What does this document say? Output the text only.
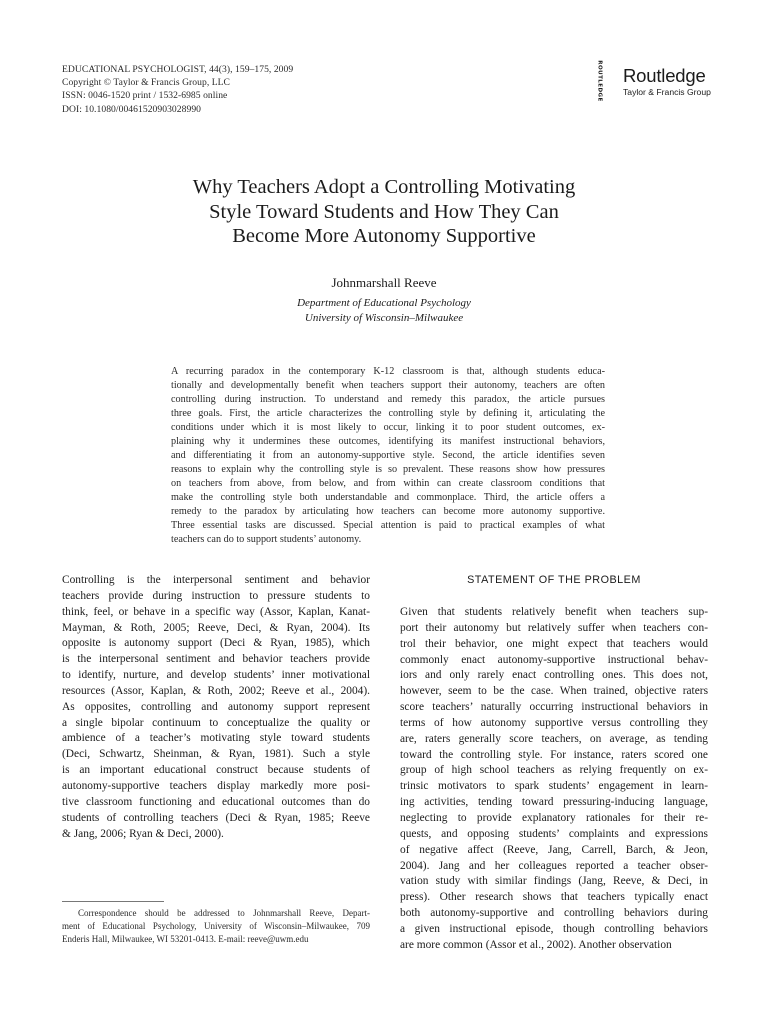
EDUCATIONAL PSYCHOLOGIST, 44(3), 159–175, 2009
Copyright © Taylor & Francis Group, LLC
ISSN: 0046-1520 print / 1532-6985 online
DOI: 10.1080/00461520903028990
ROUTLEDGE Routledge
Taylor & Francis Group
Why Teachers Adopt a Controlling Motivating
Style Toward Students and How They Can
Become More Autonomy Supportive
Johnmarshall Reeve
Department of Educational Psychology
University of Wisconsin–Milwaukee
A recurring paradox in the contemporary K-12 classroom is that, although students educa-
tionally and developmentally benefit when teachers support their autonomy, teachers are often
controlling during instruction. To understand and remedy this paradox, the article pursues
three goals. First, the article characterizes the controlling style by defining it, articulating the
conditions under which it is most likely to occur, linking it to poor student outcomes, ex-
plaining why it undermines these outcomes, identifying its manifest instructional behaviors,
and differentiating it from an autonomy-supportive style. Second, the article identifies seven
reasons to explain why the controlling style is so prevalent. These reasons show how pressures
on teachers from above, from below, and from within can create classroom conditions that
make the controlling style both understandable and commonplace. Third, the article offers a
remedy to the paradox by articulating how teachers can become more autonomy supportive.
Three essential tasks are discussed. Special attention is paid to practical examples of what
teachers can do to support students’ autonomy.
Controlling is the interpersonal sentiment and behavior
teachers provide during instruction to pressure students to
think, feel, or behave in a specific way (Assor, Kaplan, Kanat-
Mayman, & Roth, 2005; Reeve, Deci, & Ryan, 2004). Its
opposite is autonomy support (Deci & Ryan, 1985), which
is the interpersonal sentiment and behavior teachers provide
to identify, nurture, and develop students’ inner motivational
resources (Assor, Kaplan, & Roth, 2002; Reeve et al., 2004).
As opposites, controlling and autonomy support represent
a single bipolar continuum to conceptualize the quality or
ambience of a teacher’s motivating style toward students
(Deci, Schwartz, Sheinman, & Ryan, 1981). Such a style
is an important educational construct because students of
autonomy-supportive teachers display markedly more posi-
tive classroom functioning and educational outcomes than do
students of controlling teachers (Deci & Ryan, 1985; Reeve
& Jang, 2006; Ryan & Deci, 2000).
STATEMENT OF THE PROBLEM
Given that students relatively benefit when teachers sup-
port their autonomy but relatively suffer when teachers con-
trol their behavior, one might expect that teachers would
commonly enact autonomy-supportive instructional behav-
iors and only rarely enact controlling ones. This does not,
however, seem to be the case. When trained, objective raters
score teachers’ naturally occurring instructional behaviors in
terms of how autonomy supportive versus controlling they
are, raters generally score teachers, on average, as tending
toward the controlling style. For instance, raters scored one
group of high school teachers as relying frequently on ex-
trinsic motivators to spark students’ engagement in learn-
ing activities, tending toward pressuring-inducing language,
neglecting to provide explanatory rationales for their re-
quests, and opposing students’ complaints and expressions
of negative affect (Reeve, Jang, Carrell, Barch, & Jeon,
2004). Jang and her colleagues reported a teacher obser-
vation study with similar findings (Jang, Reeve, & Deci, in
press). Other research shows that teachers typically enact
both autonomy-supportive and controlling behaviors during
a given instructional episode, though controlling behaviors
are more common (Assor et al., 2002). Another observation
Correspondence should be addressed to Johnmarshall Reeve, Depart-
ment of Educational Psychology, University of Wisconsin–Milwaukee, 709
Enderis Hall, Milwaukee, WI 53201-0413. E-mail: reeve@uwm.edu
